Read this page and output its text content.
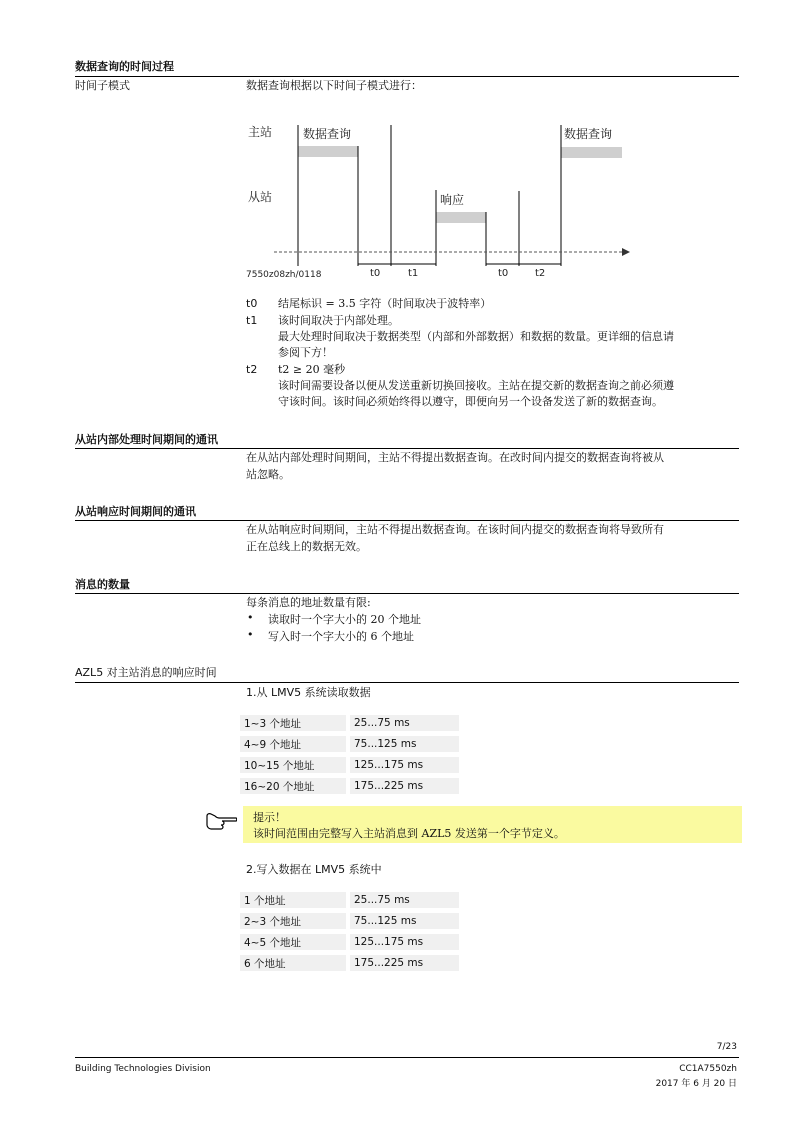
数据查询的时间过程
时间子模式	数据查询根据以下时间子模式进行：
主站
从站
数据查询	数据查询
响应
t0	t1	t0	t2
7550z08zh/0118
t0 结尾标识 = 3.5 字符（时间取决于波特率）
t1 该时间取决于内部处理。
最大处理时间取决于数据类型（内部和外部数据）和数据的数量。更详细的信息请
参阅下方！
t2 t2 ≥ 20 毫秒
该时间需要设备以便从发送重新切换回接收。主站在提交新的数据查询之前必须遵
守该时间。该时间必须始终得以遵守，即便向另一个设备发送了新的数据查询。
从站内部处理时间期间的通讯
在从站内部处理时间期间，主站不得提出数据查询。在改时间内提交的数据查询将被从
站忽略。
从站响应时间期间的通讯
在从站响应时间期间，主站不得提出数据查询。在该时间内提交的数据查询将导致所有
正在总线上的数据无效。
消息的数量
每条消息的地址数量有限:
• 读取时一个字大小的 20 个地址
• 写入时一个字大小的 6 个地址
AZL5 对主站消息的响应时间
1.从 LMV5 系统读取数据
1~3 个地址	25...75 ms
4~9 个地址	75...125 ms
10~15 个地址	125...175 ms
16~20 个地址	175...225 ms
提示！
该时间范围由完整写入主站消息到 AZL5 发送第一个字节定义。
2.写入数据在 LMV5 系统中
1 个地址	25...75 ms
2~3 个地址	75...125 ms
4~5 个地址	125...175 ms
6 个地址	175...225 ms
7/23
Building Technologies Division	CC1A7550zh
2017 年 6 月 20 日
